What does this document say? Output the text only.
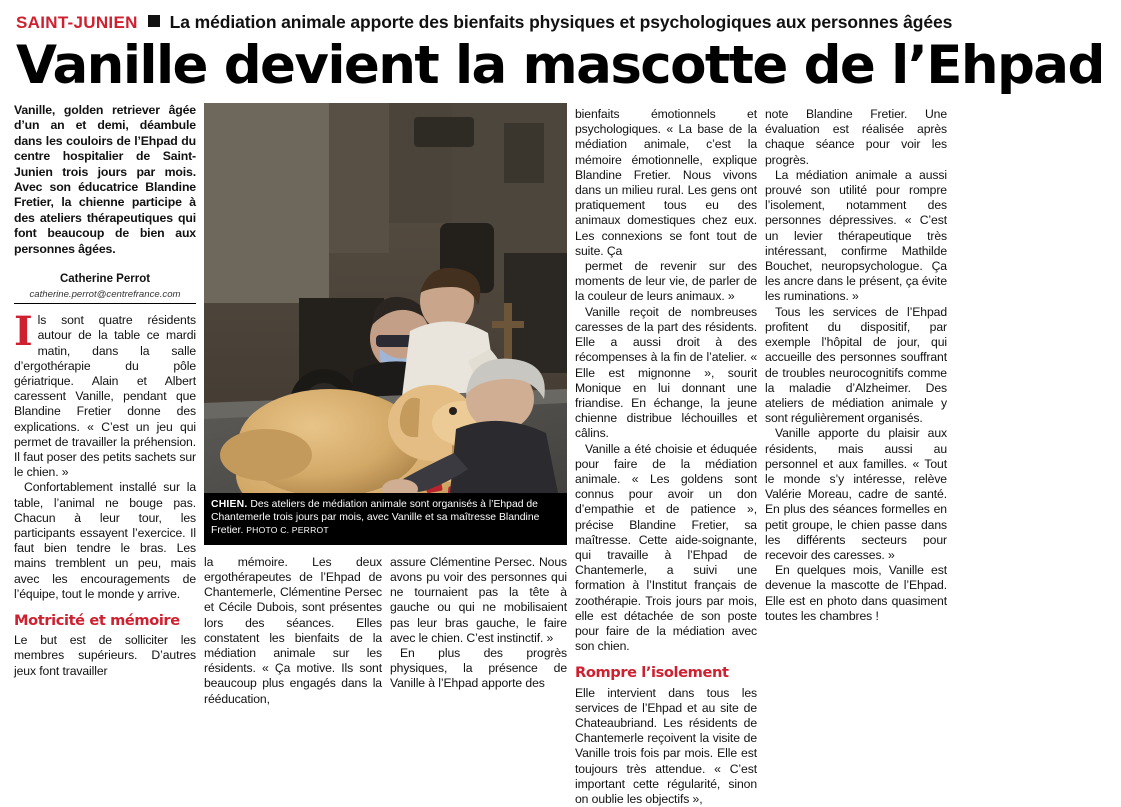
SAINT-JUNIEN La médiation animale apporte des bienfaits physiques et psychologiques aux personnes âgées
Vanille devient la mascotte de l’Ehpad
Vanille, golden retriever âgée d’un an et demi, déambule dans les couloirs de l’Ehpad du centre hospitalier de Saint-Junien trois jours par mois. Avec son éducatrice Blandine Fretier, la chienne participe à des ateliers thérapeutiques qui font beaucoup de bien aux personnes âgées.
Catherine Perrot
catherine.perrot@centrefrance.com

Ils sont quatre résidents autour de la table ce mardi matin, dans la salle d’ergothérapie du pôle gériatrique. Alain et Albert caressent Vanille, pendant que Blandine Fretier donne des explications. « C’est un jeu qui permet de travailler la préhension. Il faut poser des petits sachets sur le chien. »

Confortablement installé sur la table, l’animal ne bouge pas. Chacun à leur tour, les participants essayent l’exercice. Il faut bien tendre le bras. Les mains tremblent un peu, mais avec les encouragements de l’équipe, tout le monde y arrive.

Motricité et mémoire

Le but est de solliciter les membres supérieurs. D’autres jeux font travailler

CHIEN. Des ateliers de médiation animale sont organisés à l’Ehpad de Chantemerle trois jours par mois, avec Vanille et sa maîtresse Blandine Fretier. PHOTO C. PERROT

la mémoire. Les deux ergothérapeutes de l’Ehpad de Chantemerle, Clémentine Persec et Cécile Dubois, sont présentes lors des séances. Elles constatent les bienfaits de la médiation animale sur les résidents. « Ça motive. Ils sont beaucoup plus engagés dans la rééducation,

assure Clémentine Persec. Nous avons pu voir des personnes qui ne tournaient pas la tête à gauche ou qui ne mobilisaient pas leur bras gauche, le faire avec le chien. C’est instinctif. »

En plus des progrès physiques, la présence de Vanille à l’Ehpad apporte des

bienfaits émotionnels et psychologiques. « La base de la médiation animale, c’est la mémoire émotionnelle, explique Blandine Fretier. Nous vivons dans un milieu rural. Les gens ont pratiquement tous eu des animaux domestiques chez eux. Les connexions se font tout de suite. Ça

permet de revenir sur des moments de leur vie, de parler de la couleur de leurs animaux. »

Vanille reçoit de nombreuses caresses de la part des résidents. Elle a aussi droit à des récompenses à la fin de l’atelier. « Elle est mignonne », sourit Monique en lui donnant une friandise. En échange, la jeune chienne distribue léchouilles et câlins.

Vanille a été choisie et éduquée pour faire de la médiation animale. « Les goldens sont connus pour avoir un don d’empathie et de patience », précise Blandine Fretier, sa maîtresse. Cette aide-soignante, qui travaille à l’Ehpad de Chantemerle, a suivi une formation à l’Institut français de zoothérapie. Trois jours par mois, elle est détachée de son poste pour faire de la médiation avec son chien.

Rompre l’isolement

Elle intervient dans tous les services de l’Ehpad et au site de Chateaubriand. Les résidents de Chantemerle reçoivent la visite de Vanille trois fois par mois. Elle est toujours très attendue. « C’est important cette régularité, sinon on oublie les objectifs »,

note Blandine Fretier. Une évaluation est réalisée après chaque séance pour voir les progrès.

La médiation animale a aussi prouvé son utilité pour rompre l’isolement, notamment des personnes dépressives. « C’est un levier thérapeutique très intéressant, confirme Mathilde Bouchet, neuropsychologue. Ça les ancre dans le présent, ça évite les ruminations. »

Tous les services de l’Ehpad profitent du dispositif, par exemple l’hôpital de jour, qui accueille des personnes souffrant de troubles neurocognitifs comme la maladie d’Alzheimer. Des ateliers de médiation animale y sont régulièrement organisés.

Vanille apporte du plaisir aux résidents, mais aussi au personnel et aux familles. « Tout le monde s’y intéresse, relève Valérie Moreau, cadre de santé. En plus des séances formelles en petit groupe, le chien passe dans les différents secteurs pour recevoir des caresses. »

En quelques mois, Vanille est devenue la mascotte de l’Ehpad. Elle est en photo dans quasiment toutes les chambres !
